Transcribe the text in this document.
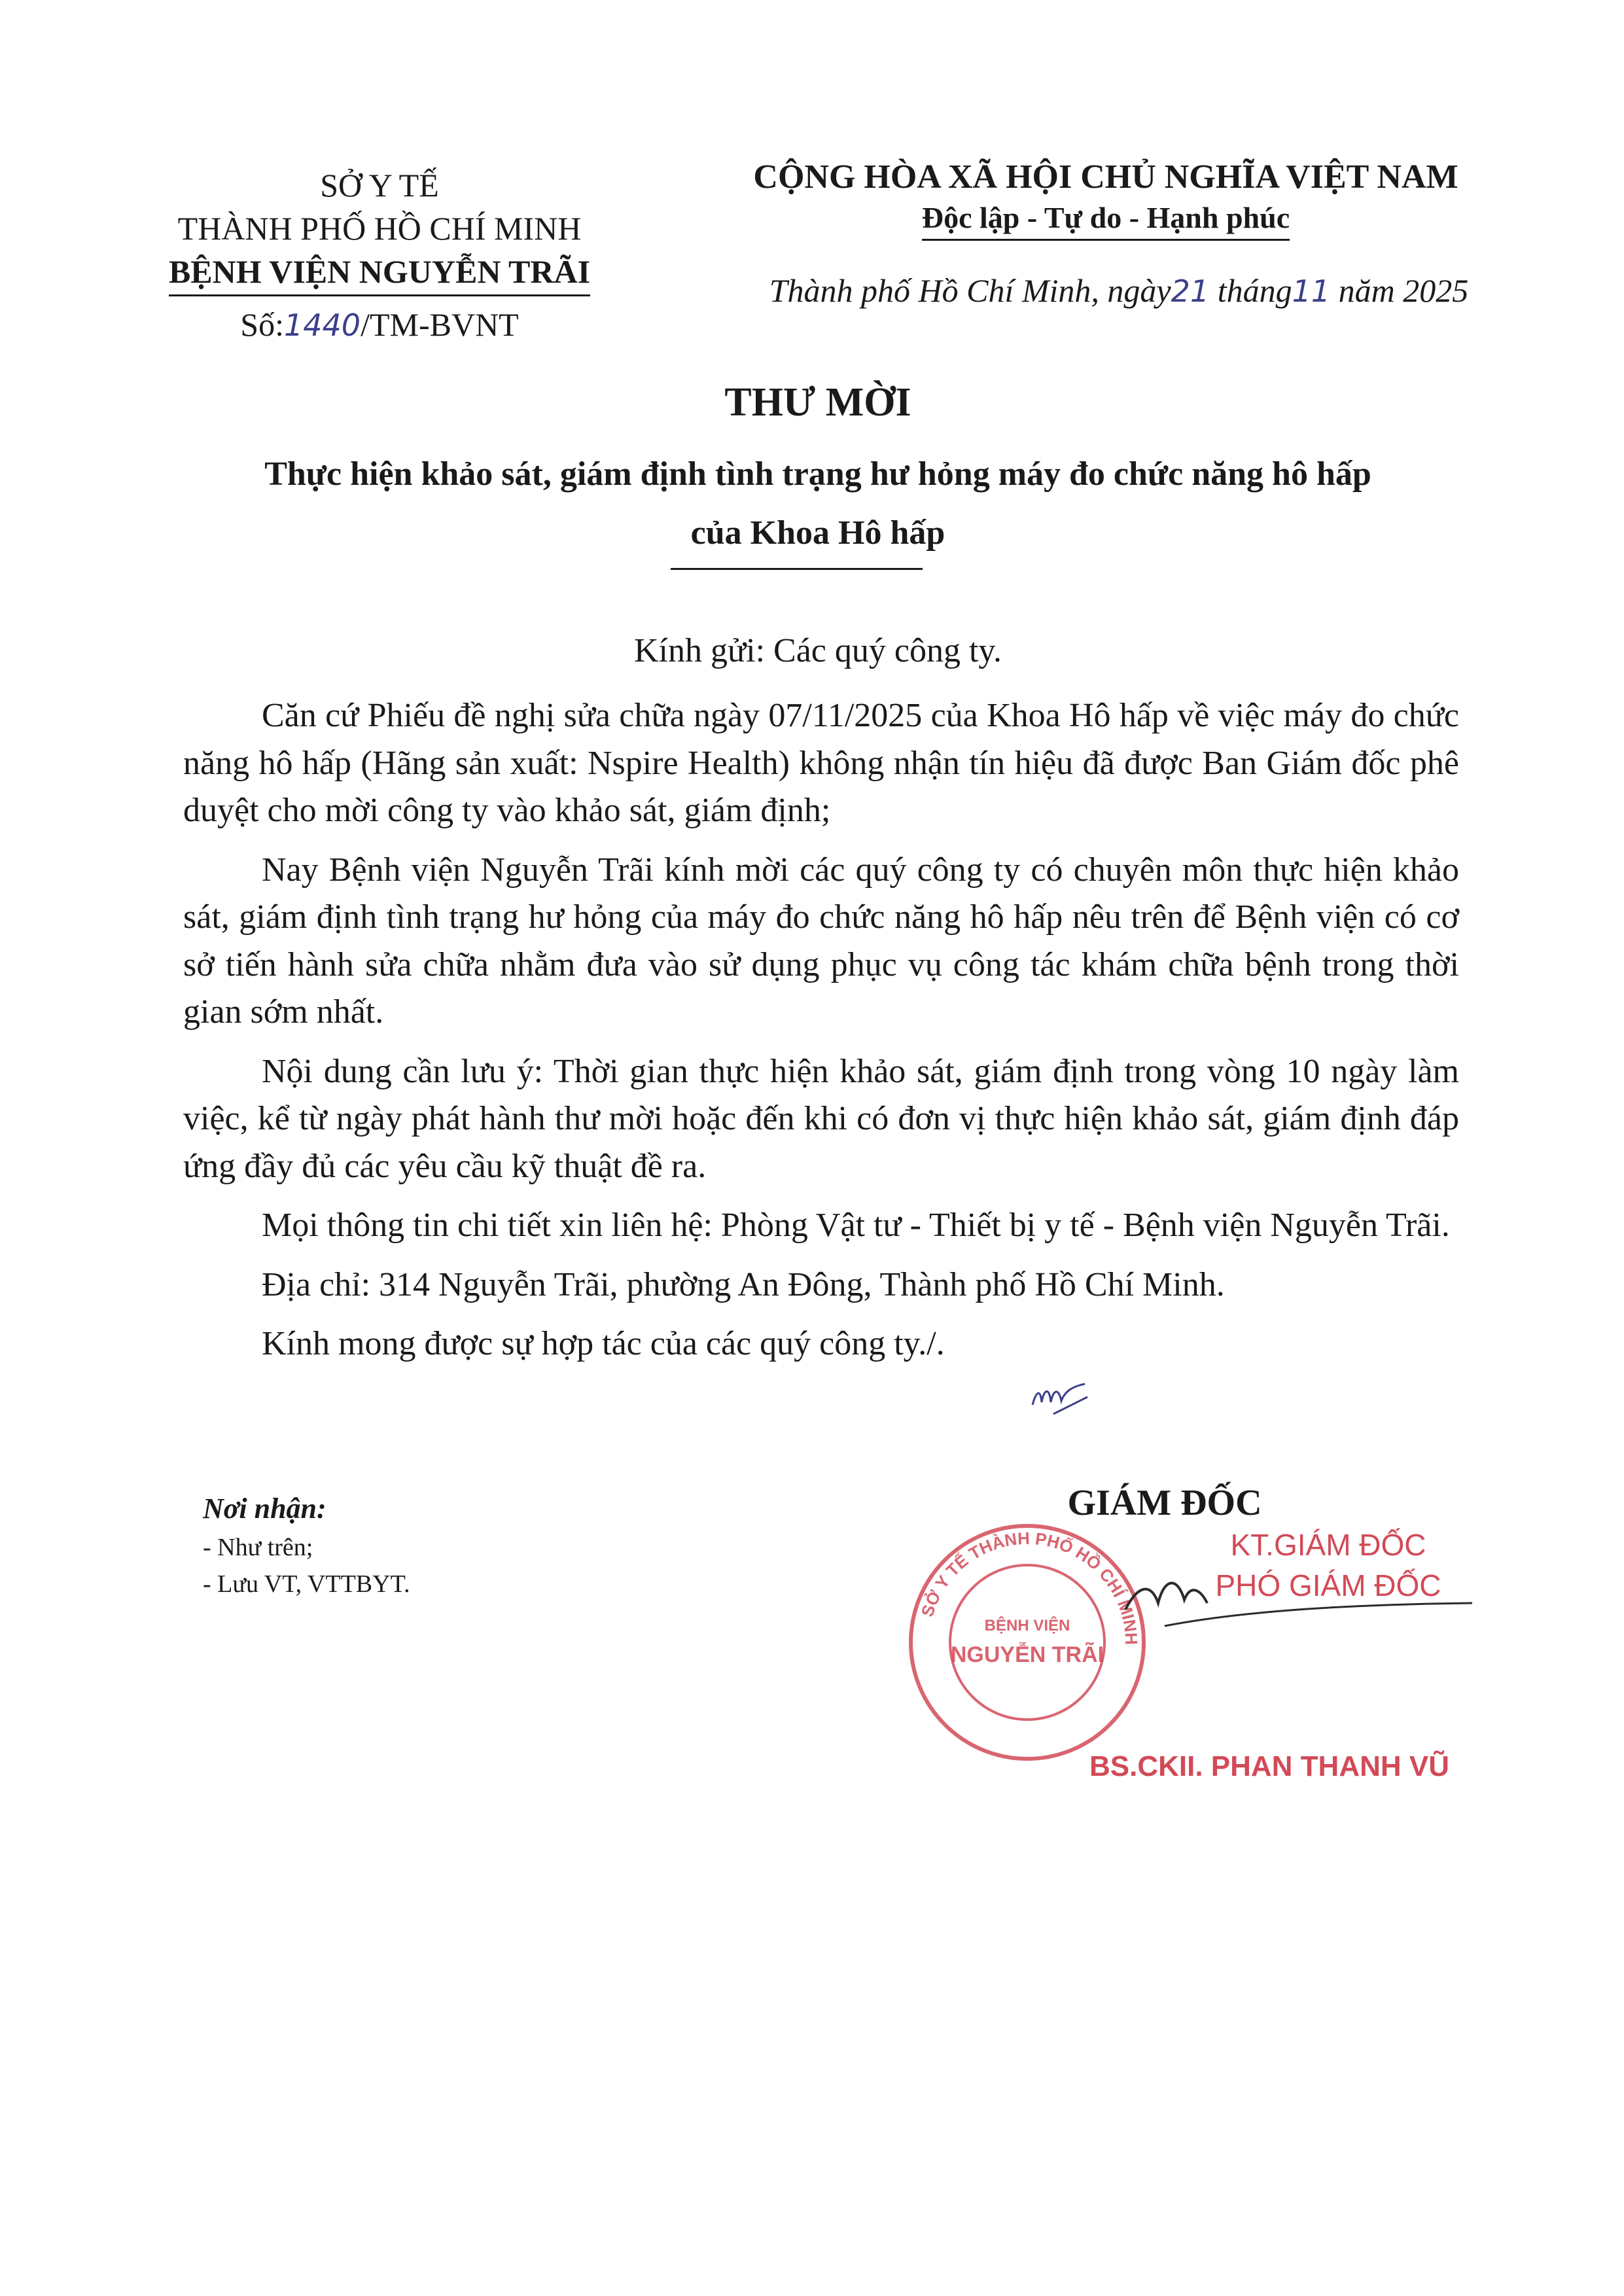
SỞ Y TẾ
THÀNH PHỐ HỒ CHÍ MINH
BỆNH VIỆN NGUYỄN TRÃI
Số:1440/TM-BVNT
CỘNG HÒA XÃ HỘI CHỦ NGHĨA VIỆT NAM
Độc lập - Tự do - Hạnh phúc
Thành phố Hồ Chí Minh, ngày21 tháng11 năm 2025
THƯ MỜI
Thực hiện khảo sát, giám định tình trạng hư hỏng máy đo chức năng hô hấp
của Khoa Hô hấp
Kính gửi: Các quý công ty.

Căn cứ Phiếu đề nghị sửa chữa ngày 07/11/2025 của Khoa Hô hấp về việc máy đo chức năng hô hấp (Hãng sản xuất: Nspire Health) không nhận tín hiệu đã được Ban Giám đốc phê duyệt cho mời công ty vào khảo sát, giám định;

Nay Bệnh viện Nguyễn Trãi kính mời các quý công ty có chuyên môn thực hiện khảo sát, giám định tình trạng hư hỏng của máy đo chức năng hô hấp nêu trên để Bệnh viện có cơ sở tiến hành sửa chữa nhằm đưa vào sử dụng phục vụ công tác khám chữa bệnh trong thời gian sớm nhất.

Nội dung cần lưu ý: Thời gian thực hiện khảo sát, giám định trong vòng 10 ngày làm việc, kể từ ngày phát hành thư mời hoặc đến khi có đơn vị thực hiện khảo sát, giám định đáp ứng đầy đủ các yêu cầu kỹ thuật đề ra.

Mọi thông tin chi tiết xin liên hệ: Phòng Vật tư - Thiết bị y tế - Bệnh viện Nguyễn Trãi.

Địa chỉ: 314 Nguyễn Trãi, phường An Đông, Thành phố Hồ Chí Minh.

Kính mong được sự hợp tác của các quý công ty./.

Nơi nhận:
- Như trên;
- Lưu VT, VTTBYT.
GIÁM ĐỐC
SỞ Y TẾ THÀNH PHỐ HỒ CHÍ MINH
BỆNH VIỆN
NGUYỄN TRÃI
KT.GIÁM ĐỐC
PHÓ GIÁM ĐỐC
BS.CKII. PHAN THANH VŨ
